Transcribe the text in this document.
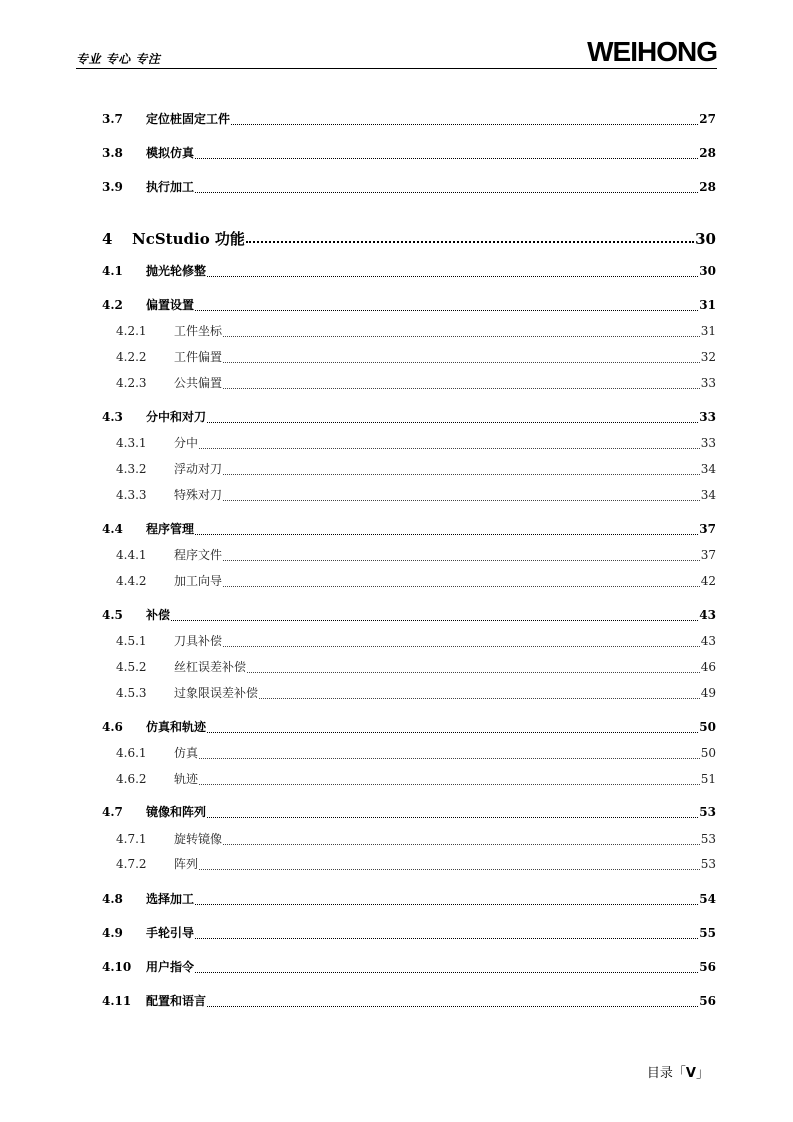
专业 专心 专注	WEIHONG
3.7	定位桩固定工件	27
3.8	模拟仿真	28
3.9	执行加工	28
4	NcStudio 功能	30
4.1	抛光轮修整	30
4.2	偏置设置	31
4.2.1	工件坐标	31
4.2.2	工件偏置	32
4.2.3	公共偏置	33
4.3	分中和对刀	33
4.3.1	分中	33
4.3.2	浮动对刀	34
4.3.3	特殊对刀	34
4.4	程序管理	37
4.4.1	程序文件	37
4.4.2	加工向导	42
4.5	补偿	43
4.5.1	刀具补偿	43
4.5.2	丝杠误差补偿	46
4.5.3	过象限误差补偿	49
4.6	仿真和轨迹	50
4.6.1	仿真	50
4.6.2	轨迹	51
4.7	镜像和阵列	53
4.7.1	旋转镜像	53
4.7.2	阵列	53
4.8	选择加工	54
4.9	手轮引导	55
4.10	用户指令	56
4.11	配置和语言	56
目录「V」
